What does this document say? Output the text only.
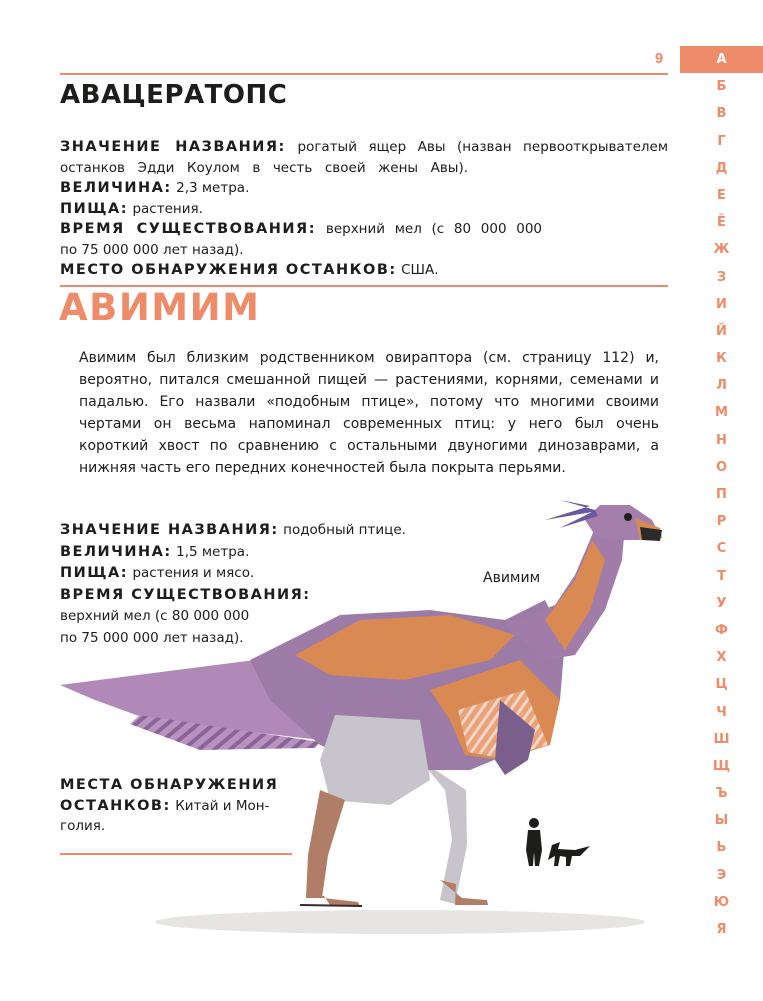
9	А
Б
В
Г
Д
Е
Ё
Ж
З
И
Й
К
Л
М
Н
О
П
Р
С
Т
У
Ф
Х
Ц
Ч
Ш
Щ
Ъ
Ы
Ь
Э
Ю
Я
АВАЦЕРАТОПС

ЗНАЧЕНИЕ НАЗВАНИЯ: рогатый ящер Авы (назван первооткрывателем

останков Эдди Коулом в честь своей жены Авы).

ВЕЛИЧИНА: 2,3 метра.

ПИЩА: растения.

ВРЕМЯ СУЩЕСТВОВАНИЯ: верхний мел (с 80 000 000

по 75 000 000 лет назад).

МЕСТО ОБНАРУЖЕНИЯ ОСТАНКОВ: США.

АВИМИМ

Авимим был близким родственником овираптора (см. страницу 112) и, вероятно, питался смешанной пищей — растениями, корнями, семенами и падалью. Его назвали «подобным птице», потому что многими своими чертами он весьма напоминал современных птиц: у него был очень короткий хвост по сравнению с остальными двуногими динозаврами, а нижняя часть его передних конечностей была покрыта перьями.

Авимим

ЗНАЧЕНИЕ НАЗВАНИЯ: подобный птице.

ВЕЛИЧИНА: 1,5 метра.

ПИЩА: растения и мясо.

ВРЕМЯ СУЩЕСТВОВАНИЯ:

верхний мел (с 80 000 000

по 75 000 000 лет назад).

МЕСТА ОБНАРУЖЕНИЯ

ОСТАНКОВ: Китай и Мон-

голия.
